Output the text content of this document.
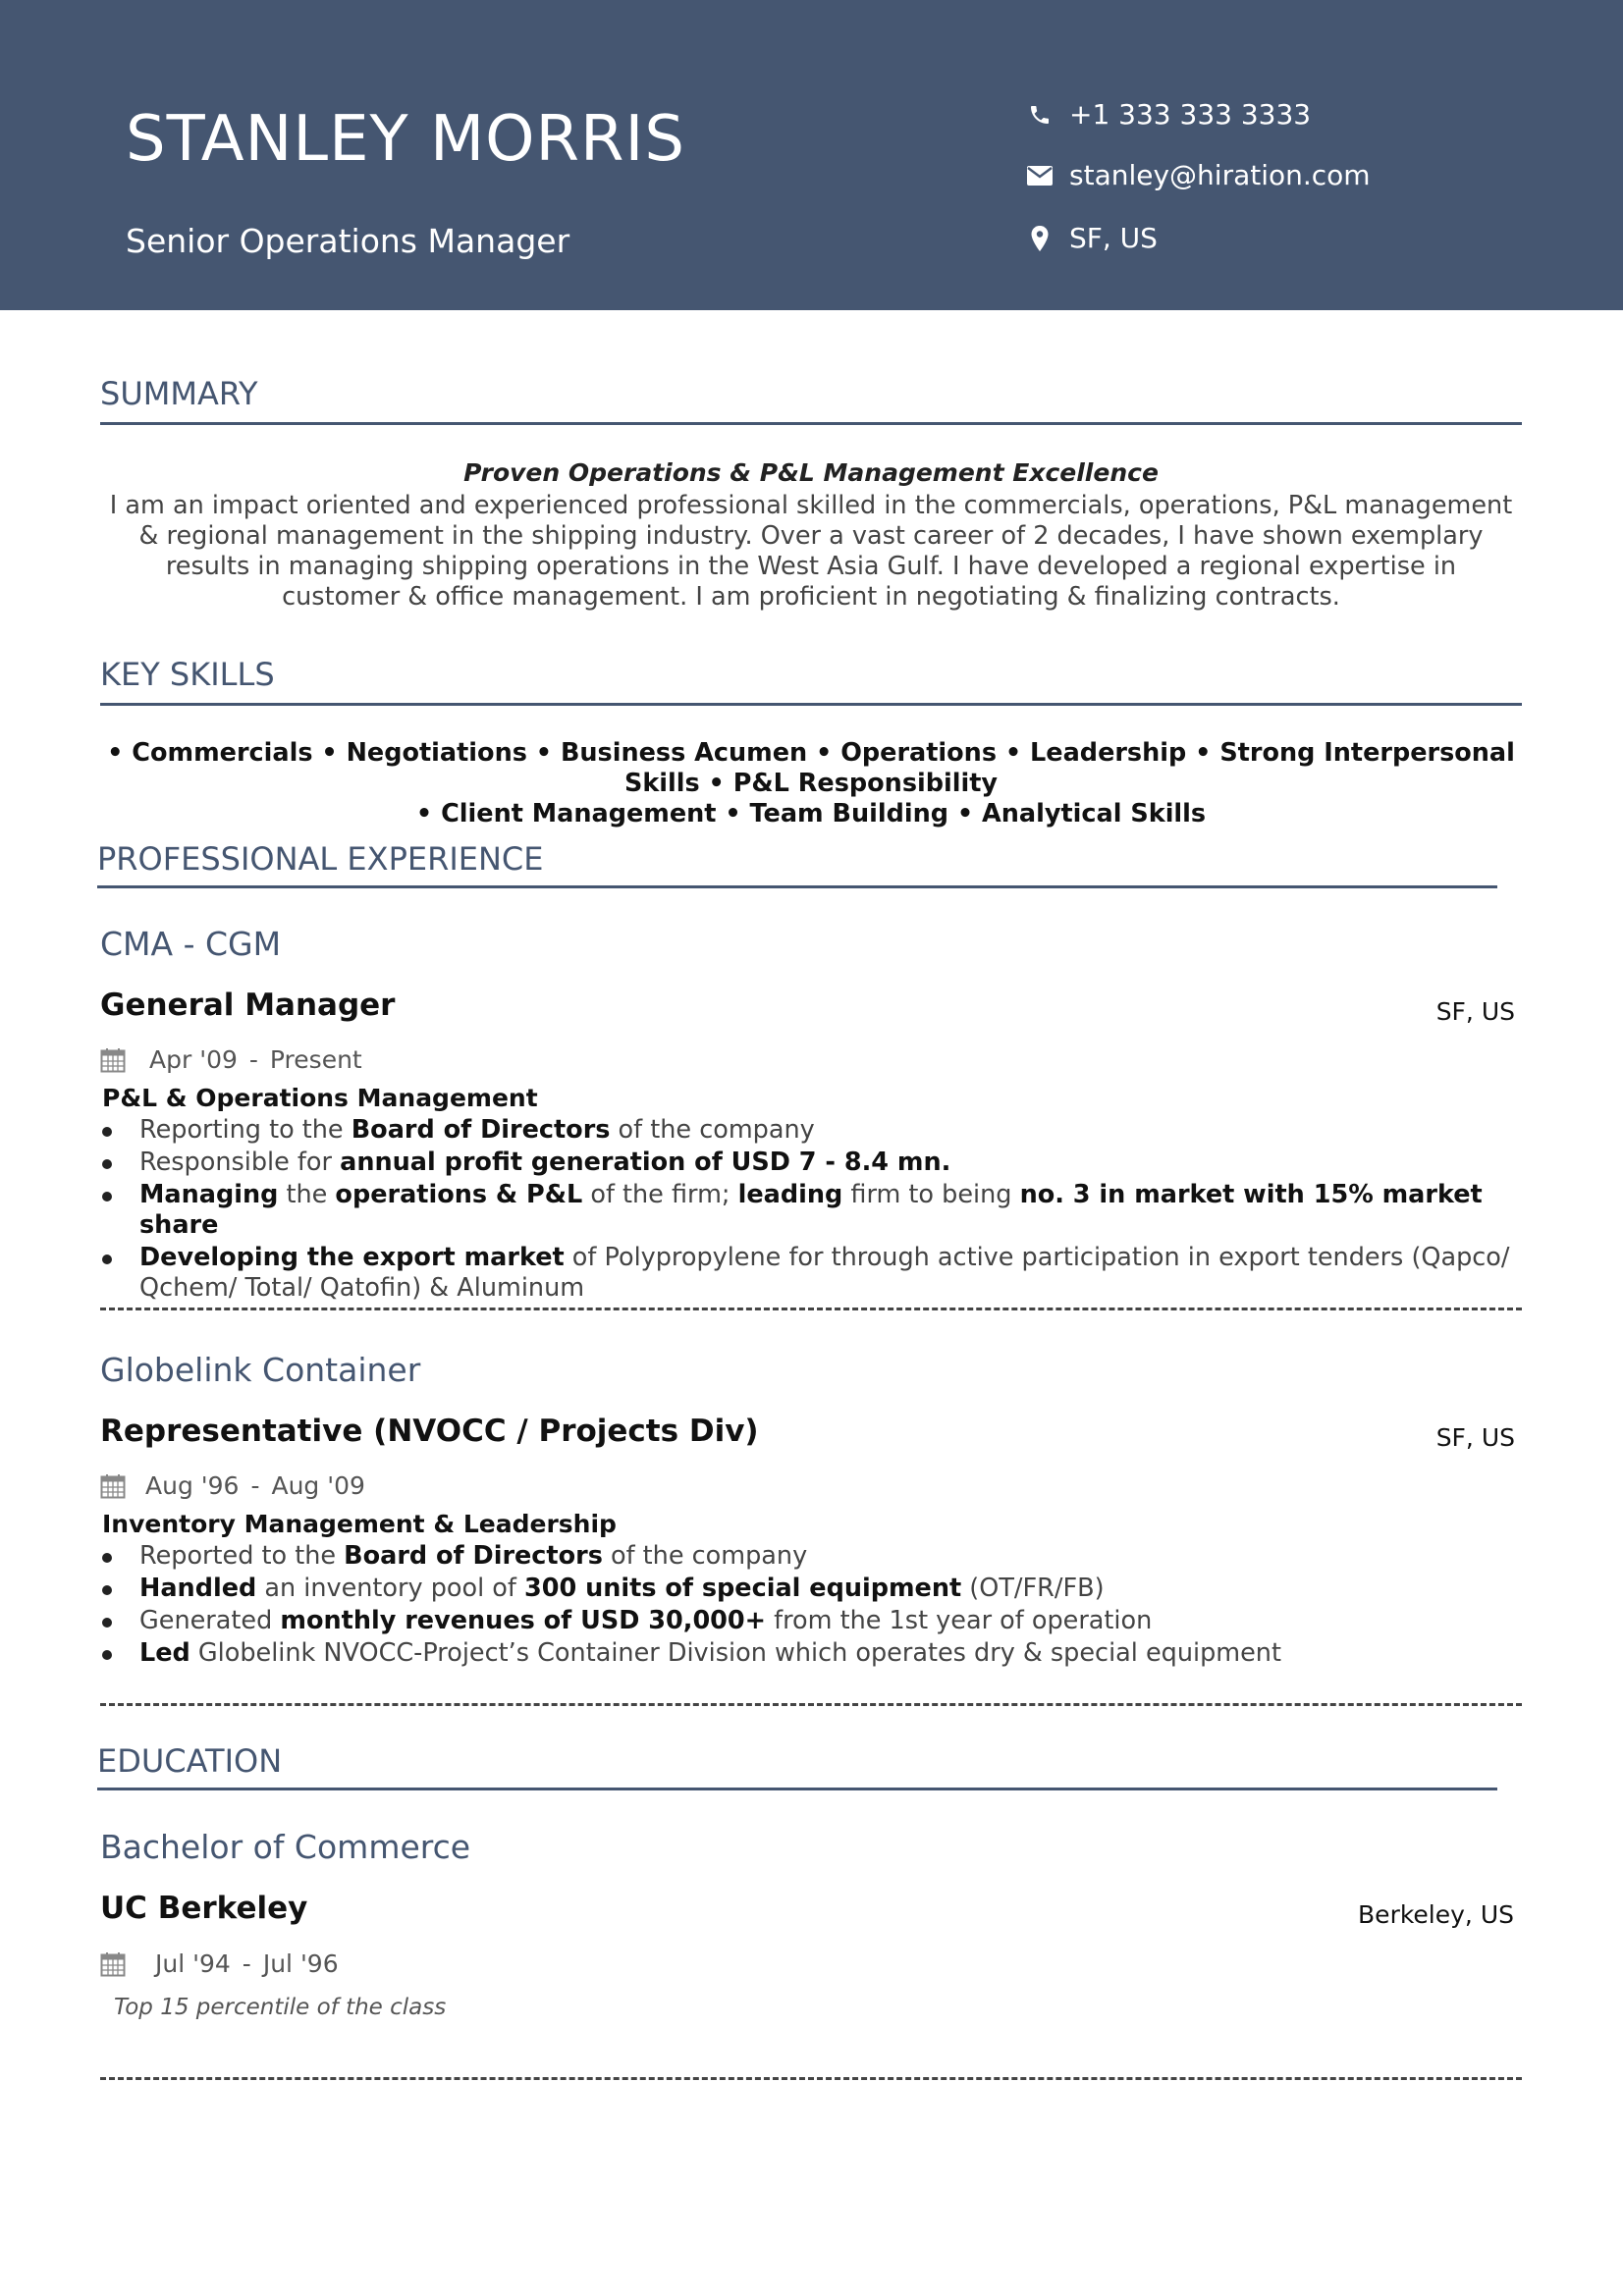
STANLEY MORRIS
Senior Operations Manager
+1 333 333 3333
stanley@hiration.com
SF, US
SUMMARY
Proven Operations & P&L Management Excellence
I am an impact oriented and experienced professional skilled in the commercials, operations, P&L management & regional management in the shipping industry. Over a vast career of 2 decades, I have shown exemplary results in managing shipping operations in the West Asia Gulf. I have developed a regional expertise in customer & office management. I am proficient in negotiating & finalizing contracts.
KEY SKILLS
• Commercials • Negotiations • Business Acumen • Operations • Leadership • Strong Interpersonal Skills • P&L Responsibility
• Client Management • Team Building • Analytical Skills
PROFESSIONAL EXPERIENCE
CMA - CGM
General Manager	SF, US
Apr '09 - Present
P&L & Operations Management
Reporting to the Board of Directors of the company
Responsible for annual profit generation of USD 7 - 8.4 mn.
Managing the operations & P&L of the firm; leading firm to being no. 3 in market with 15% market share
Developing the export market of Polypropylene for through active participation in export tenders (Qapco/ Qchem/ Total/ Qatofin) & Aluminum
Globelink Container
Representative (NVOCC / Projects Div)	SF, US
Aug '96 - Aug '09
Inventory Management & Leadership
Reported to the Board of Directors of the company
Handled an inventory pool of 300 units of special equipment (OT/FR/FB)
Generated monthly revenues of USD 30,000+ from the 1st year of operation
Led Globelink NVOCC-Project’s Container Division which operates dry & special equipment
EDUCATION
Bachelor of Commerce
UC Berkeley	Berkeley, US
Jul '94 - Jul '96
Top 15 percentile of the class
